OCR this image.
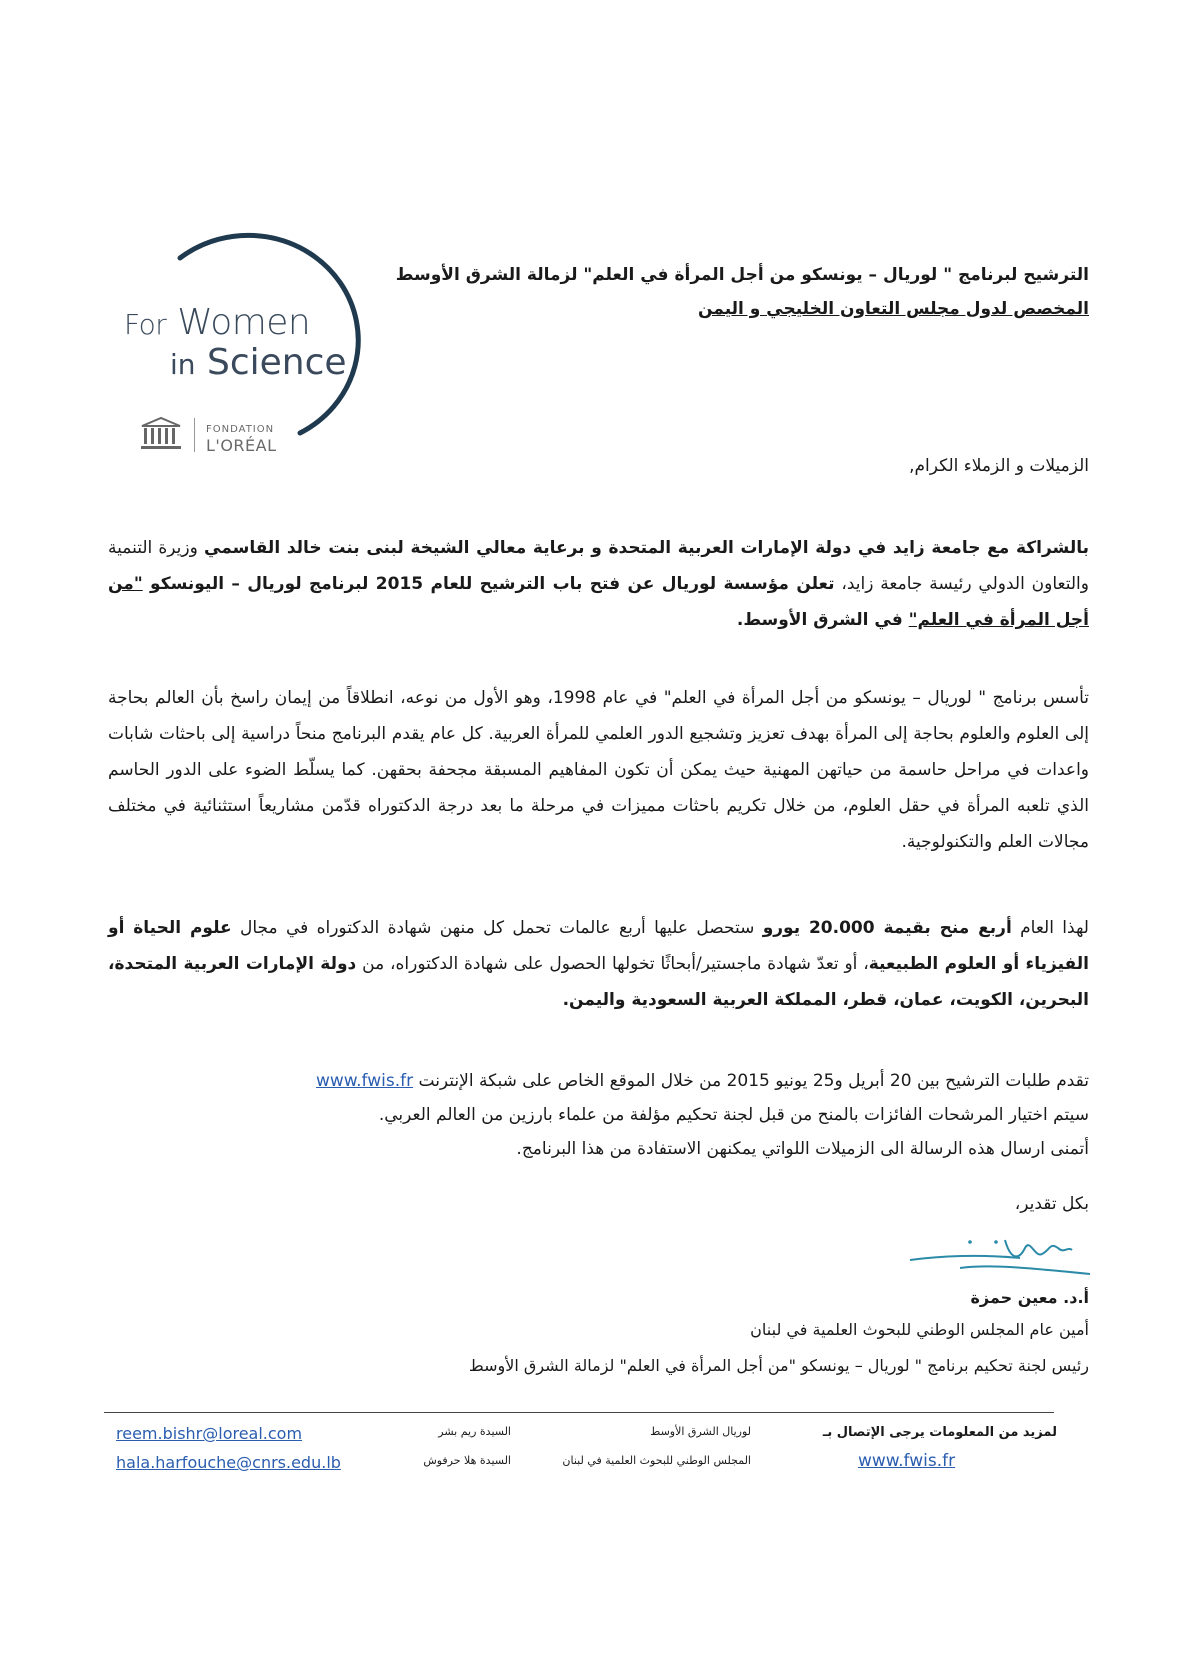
For Women
in Science
FONDATION
L'ORÉAL
الترشيح لبرنامج " لوريال – يونسكو من أجل المرأة في العلم" لزمالة الشرق الأوسط
المخصص لدول مجلس التعاون الخليجي و اليمن
الزميلات و الزملاء الكرام,
بالشراكة مع جامعة زايد في دولة الإمارات العربية المتحدة و برعاية معالي الشيخة لبنى بنت خالد القاسمي وزيرة التنمية والتعاون الدولي رئيسة جامعة زايد، تعلن مؤسسة لوريال عن فتح باب الترشيح للعام 2015 لبرنامج لوريال – اليونسكو "من أجل المرأة في العلم" في الشرق الأوسط.
تأسس برنامج " لوريال – يونسكو من أجل المرأة في العلم" في عام 1998، وهو الأول من نوعه، انطلاقاً من إيمان راسخ بأن العالم بحاجة إلى العلوم والعلوم بحاجة إلى المرأة بهدف تعزيز وتشجيع الدور العلمي للمرأة العربية. كل عام يقدم البرنامج منحاً دراسية إلى باحثات شابات واعدات في مراحل حاسمة من حياتهن المهنية حيث يمكن أن تكون المفاهيم المسبقة مجحفة بحقهن. كما يسلّط الضوء على الدور الحاسم الذي تلعبه المرأة في حقل العلوم، من خلال تكريم باحثات مميزات في مرحلة ما بعد درجة الدكتوراه قدّمن مشاريعاً استثنائية في مختلف مجالات العلم والتكنولوجية.
لهذا العام أربع منح بقيمة 20.000 يورو ستحصل عليها أربع عالمات تحمل كل منهن شهادة الدكتوراه في مجال علوم الحياة أو الفيزياء أو العلوم الطبيعية، أو تعدّ شهادة ماجستير/أبحاثًا تخولها الحصول على شهادة الدكتوراه، من دولة الإمارات العربية المتحدة، البحرين، الكويت، عمان، قطر، المملكة العربية السعودية واليمن.
تقدم طلبات الترشيح بين 20 أبريل و25 يونيو 2015 من خلال الموقع الخاص على شبكة الإنترنت www.fwis.fr
سيتم اختيار المرشحات الفائزات بالمنح من قبل لجنة تحكيم مؤلفة من علماء بارزين من العالم العربي.
أتمنى ارسال هذه الرسالة الى الزميلات اللواتي يمكنهن الاستفادة من هذا البرنامج.
بكل تقدير،
أ.د. معين حمزة
أمين عام المجلس الوطني للبحوث العلمية في لبنان
رئيس لجنة تحكيم برنامج " لوريال – يونسكو "من أجل المرأة في العلم" لزمالة الشرق الأوسط
لمزيد من المعلومات يرجى الإتصال بـ
www.fwis.fr
لوريال الشرق الأوسط
المجلس الوطني للبحوث العلمية في لبنان
السيدة ريم بشر
السيدة هلا حرفوش
reem.bishr@loreal.com
hala.harfouche@cnrs.edu.lb
